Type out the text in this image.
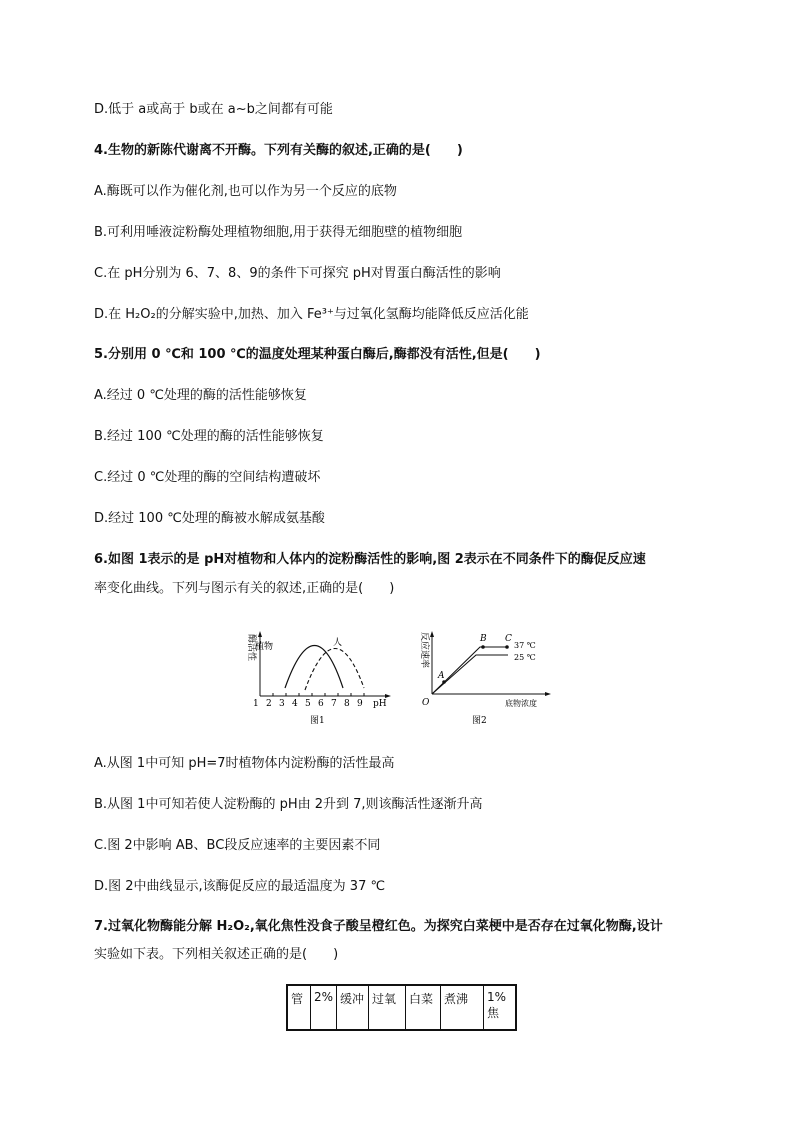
D.低于 a或高于 b或在 a~b之间都有可能
4.生物的新陈代谢离不开酶。下列有关酶的叙述,正确的是(　　)
A.酶既可以作为催化剂,也可以作为另一个反应的底物
B.可利用唾液淀粉酶处理植物细胞,用于获得无细胞壁的植物细胞
C.在 pH分别为 6、7、8、9的条件下可探究 pH对胃蛋白酶活性的影响
D.在 H₂O₂的分解实验中,加热、加入 Fe³⁺与过氧化氢酶均能降低反应活化能
5.分别用 0 ℃和 100 ℃的温度处理某种蛋白酶后,酶都没有活性,但是(　　)
A.经过 0 ℃处理的酶的活性能够恢复
B.经过 100 ℃处理的酶的活性能够恢复
C.经过 0 ℃处理的酶的空间结构遭破坏
D.经过 100 ℃处理的酶被水解成氨基酸
6.如图 1表示的是 pH对植物和人体内的淀粉酶活性的影响,图 2表示在不同条件下的酶促反应速
率变化曲线。下列与图示有关的叙述,正确的是(　　)
酶活性 植物	人
1 2 3 4 5 6 7 8 9 pH
图1
反应速率
A
B C
37 ℃
25 ℃
O	底物浓度
图2
A.从图 1中可知 pH=7时植物体内淀粉酶的活性最高
B.从图 1中可知若使人淀粉酶的 pH由 2升到 7,则该酶活性逐渐升高
C.图 2中影响 AB、BC段反应速率的主要因素不同
D.图 2中曲线显示,该酶促反应的最适温度为 37 ℃
7.过氧化物酶能分解 H₂O₂,氧化焦性没食子酸呈橙红色。为探究白菜梗中是否存在过氧化物酶,设计
实验如下表。下列相关叙述正确的是(　　)
管	2%	缓冲	过氧	白菜	煮沸	1%焦
